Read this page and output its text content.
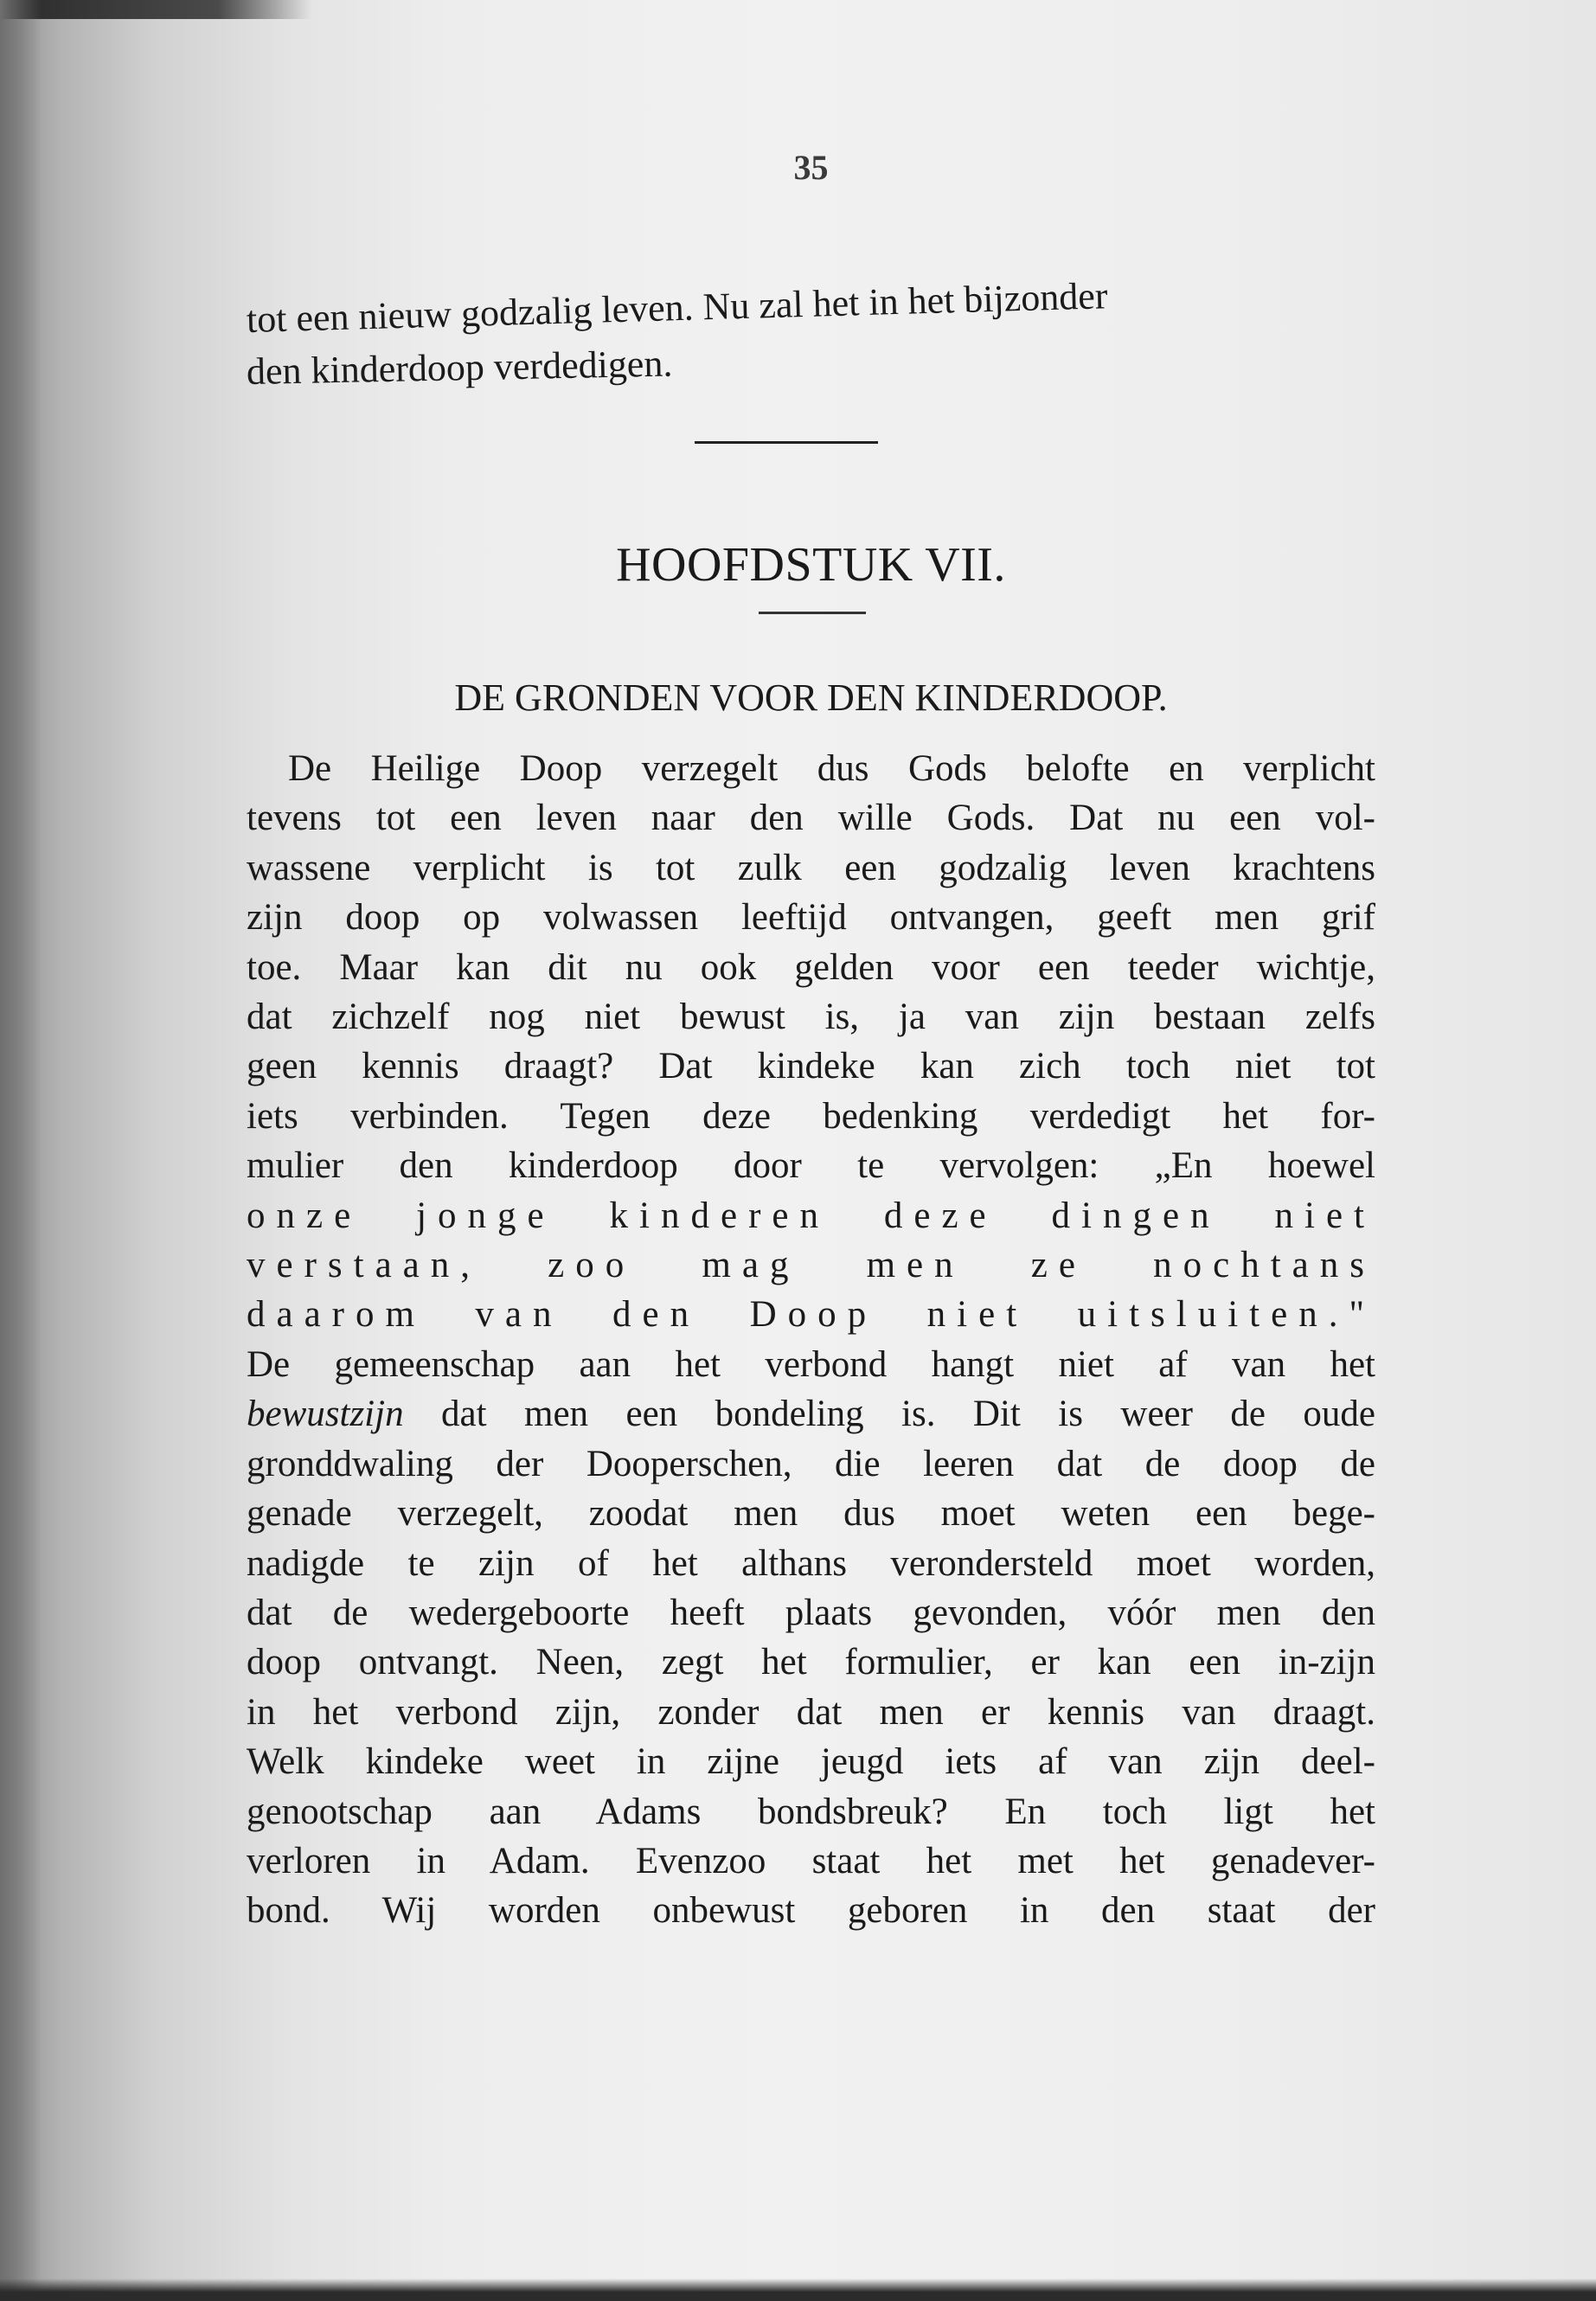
35
tot een nieuw godzalig leven. Nu zal het in het bijzonder
den kinderdoop verdedigen.
HOOFDSTUK VII.
DE GRONDEN VOOR DEN KINDERDOOP.
De Heilige Doop verzegelt dus Gods belofte en verplicht
tevens tot een leven naar den wille Gods. Dat nu een vol-
wassene verplicht is tot zulk een godzalig leven krachtens
zijn doop op volwassen leeftijd ontvangen, geeft men grif
toe. Maar kan dit nu ook gelden voor een teeder wichtje,
dat zichzelf nog niet bewust is, ja van zijn bestaan zelfs
geen kennis draagt? Dat kindeke kan zich toch niet tot
iets verbinden. Tegen deze bedenking verdedigt het for-
mulier den kinderdoop door te vervolgen: „En hoewel
onze jonge kinderen deze dingen niet
verstaan, zoo mag men ze nochtans
daarom van den Doop niet uitsluiten."
De gemeenschap aan het verbond hangt niet af van het
bewustzijn dat men een bondeling is. Dit is weer de oude
gronddwaling der Dooperschen, die leeren dat de doop de
genade verzegelt, zoodat men dus moet weten een bege-
nadigde te zijn of het althans verondersteld moet worden,
dat de wedergeboorte heeft plaats gevonden, vóór men den
doop ontvangt. Neen, zegt het formulier, er kan een in-zijn
in het verbond zijn, zonder dat men er kennis van draagt.
Welk kindeke weet in zijne jeugd iets af van zijn deel-
genootschap aan Adams bondsbreuk? En toch ligt het
verloren in Adam. Evenzoo staat het met het genadever-
bond. Wij worden onbewust geboren in den staat der
